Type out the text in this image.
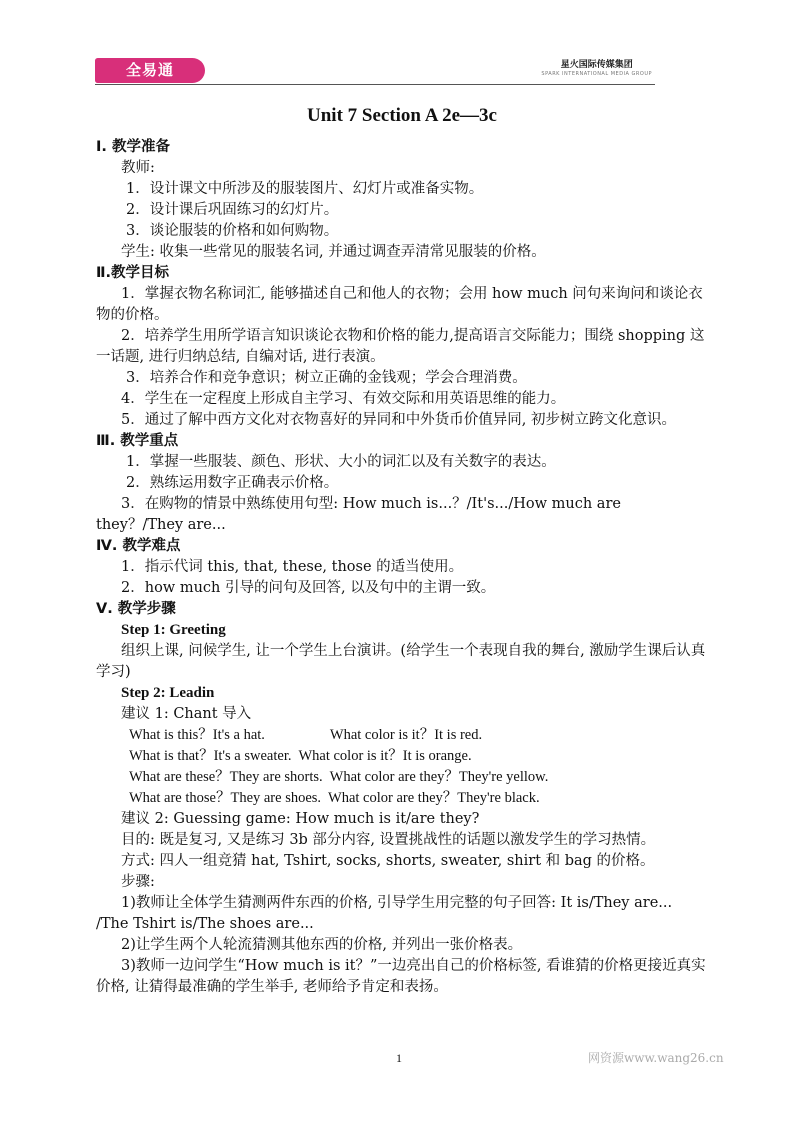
全易通	星火国际传媒集团
SPARK INTERNATIONAL MEDIA GROUP
Unit 7 Section A 2e—3c
Ⅰ. 教学准备
教师:
1．设计课文中所涉及的服装图片、幻灯片或准备实物。
2．设计课后巩固练习的幻灯片。
3．谈论服装的价格和如何购物。
学生: 收集一些常见的服装名词, 并通过调查弄清常见服装的价格。
Ⅱ.教学目标
1．掌握衣物名称词汇, 能够描述自己和他人的衣物；会用 how much 问句来询问和谈论衣物的价格。
2．培养学生用所学语言知识谈论衣物和价格的能力,提高语言交际能力；围绕 shopping 这一话题, 进行归纳总结, 自编对话, 进行表演。
3．培养合作和竞争意识；树立正确的金钱观；学会合理消费。
4．学生在一定程度上形成自主学习、有效交际和用英语思维的能力。
5．通过了解中西方文化对衣物喜好的异同和中外货币价值异同, 初步树立跨文化意识。
Ⅲ. 教学重点
1．掌握一些服装、颜色、形状、大小的词汇以及有关数字的表达。
2．熟练运用数字正确表示价格。
3．在购物的情景中熟练使用句型: How much is...？/It's.../How much are they？/They are...
Ⅳ. 教学难点
1．指示代词 this, that, these, those 的适当使用。
2．how much 引导的问句及回答, 以及句中的主谓一致。
Ⅴ. 教学步骤
Step 1: Greeting
组织上课, 问候学生, 让一个学生上台演讲。(给学生一个表现自我的舞台, 激励学生课后认真学习)
Step 2: Leadin
建议 1: Chant 导入
What is this？It's a hat.                  What color is it？It is red.
What is that？It's a sweater.  What color is it？It is orange.
What are these？They are shorts.  What color are they？They're yellow.
What are those？They are shoes.  What color are they？They're black.
建议 2: Guessing game: How much is it/are they?
目的: 既是复习, 又是练习 3b 部分内容, 设置挑战性的话题以激发学生的学习热情。
方式: 四人一组竞猜 hat, Tshirt, socks, shorts, sweater, shirt 和 bag 的价格。
步骤:
1)教师让全体学生猜测两件东西的价格, 引导学生用完整的句子回答: It is/They are... /The Tshirt is/The shoes are...
2)让学生两个人轮流猜测其他东西的价格, 并列出一张价格表。
3)教师一边问学生“How much is it？”一边亮出自己的价格标签, 看谁猜的价格更接近真实价格, 让猜得最准确的学生举手, 老师给予肯定和表扬。
1	网资源www.wang26.cn
